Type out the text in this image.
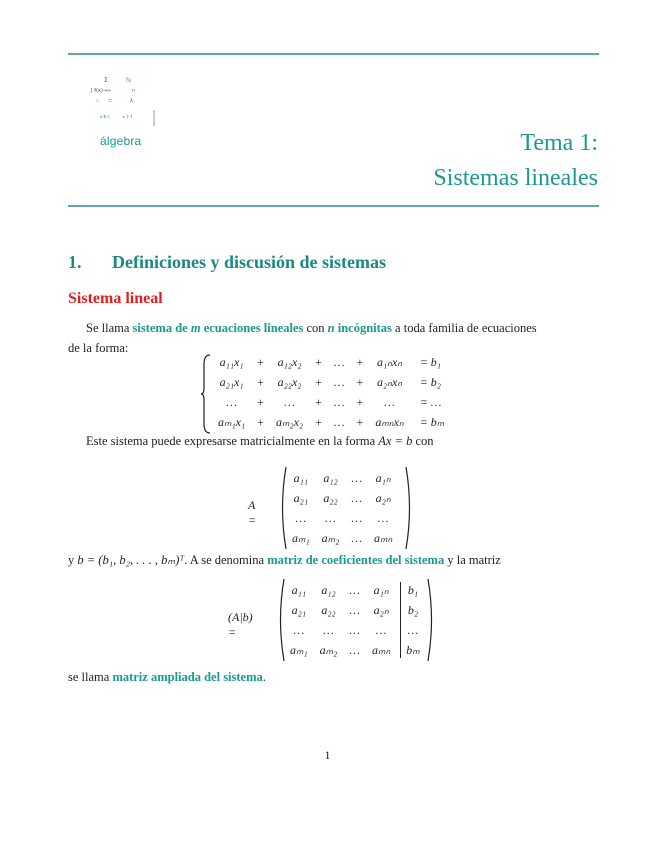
Σ	ℕ
∫ f(x)→∞	π
∂ ⊂	λ
a·b·c	= (··)
álgebra	Tema 1:
Sistemas lineales
1. Definiciones y discusión de sistemas
Sistema lineal
Se llama sistema de m ecuaciones lineales con n incógnitas a toda familia de ecuaciones
de la forma:
a₁₁x₁	+	a₁₂x₂	+	…	+	a₁ₙxₙ	= b₁
a₂₁x₁	+	a₂₂x₂	+	…	+	a₂ₙxₙ	= b₂
…	+	…	+	…	+	…	= …
aₘ₁x₁	+	aₘ₂x₂	+	…	+	aₘₙxₙ	= bₘ
Este sistema puede expresarse matricialmente en la forma Ax = b con
A =
a₁₁	a₁₂	…	a₁ₙ
a₂₁	a₂₂	…	a₂ₙ
…	…	…	…
aₘ₁	aₘ₂	…	aₘₙ
y b = (b₁, b₂, . . . , bₘ)ᵀ. A se denomina matriz de coeficientes del sistema y la matriz
(A|b) =
a₁₁	a₁₂	…	a₁ₙ	b₁
a₂₁	a₂₂	…	a₂ₙ	b₂
…	…	…	…	…
aₘ₁	aₘ₂	…	aₘₙ	bₘ
se llama matriz ampliada del sistema.
1
